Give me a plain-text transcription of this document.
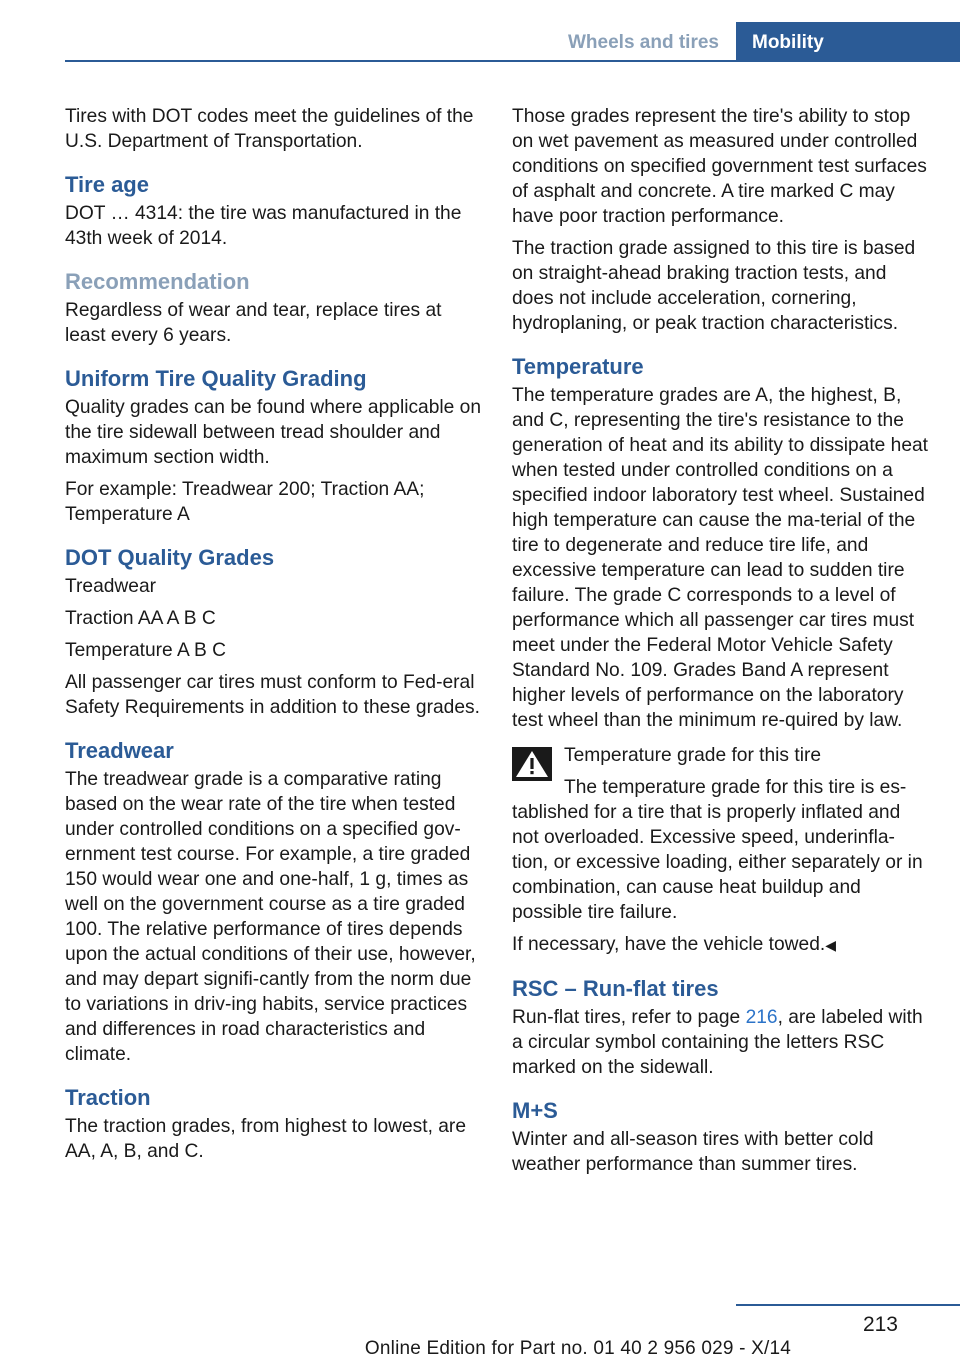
Wheels and tires	Mobility

Tires with DOT codes meet the guidelines of the U.S. Department of Transportation.

Tire age

DOT … 4314: the tire was manufactured in the 43th week of 2014.

Recommendation

Regardless of wear and tear, replace tires at least every 6 years.

Uniform Tire Quality Grading

Quality grades can be found where applicable on the tire sidewall between tread shoulder and maximum section width.

For example: Treadwear 200; Traction AA; Temperature A

DOT Quality Grades

Treadwear

Traction AA A B C

Temperature A B C

All passenger car tires must conform to Fed‐eral Safety Requirements in addition to these grades.

Treadwear

The treadwear grade is a comparative rating based on the wear rate of the tire when tested under controlled conditions on a specified gov‐ernment test course. For example, a tire graded 150 would wear one and one-half, 1 g, times as well on the government course as a tire graded 100. The relative performance of tires depends upon the actual conditions of their use, however, and may depart signifi‐cantly from the norm due to variations in driv‐ing habits, service practices and differences in road characteristics and climate.

Traction

The traction grades, from highest to lowest, are AA, A, B, and C.

Those grades represent the tire's ability to stop on wet pavement as measured under controlled conditions on specified government test surfaces of asphalt and concrete. A tire marked C may have poor traction performance.

The traction grade assigned to this tire is based on straight-ahead braking traction tests, and does not include acceleration, cornering, hydroplaning, or peak traction characteristics.

Temperature

The temperature grades are A, the highest, B, and C, representing the tire's resistance to the generation of heat and its ability to dissipate heat when tested under controlled conditions on a specified indoor laboratory test wheel. Sustained high temperature can cause the ma‐terial of the tire to degenerate and reduce tire life, and excessive temperature can lead to sudden tire failure. The grade C corresponds to a level of performance which all passenger car tires must meet under the Federal Motor Vehicle Safety Standard No. 109. Grades Band A represent higher levels of performance on the laboratory test wheel than the minimum re‐quired by law.

Temperature grade for this tire

The temperature grade for this tire is es‐

tablished for a tire that is properly inflated and not overloaded. Excessive speed, underinfla‐tion, or excessive loading, either separately or in combination, can cause heat buildup and possible tire failure.

If necessary, have the vehicle towed.◀

RSC – Run-flat tires

Run-flat tires, refer to page 216, are labeled with a circular symbol containing the letters RSC marked on the sidewall.

M+S

Winter and all-season tires with better cold weather performance than summer tires.

213
Online Edition for Part no. 01 40 2 956 029 - X/14
